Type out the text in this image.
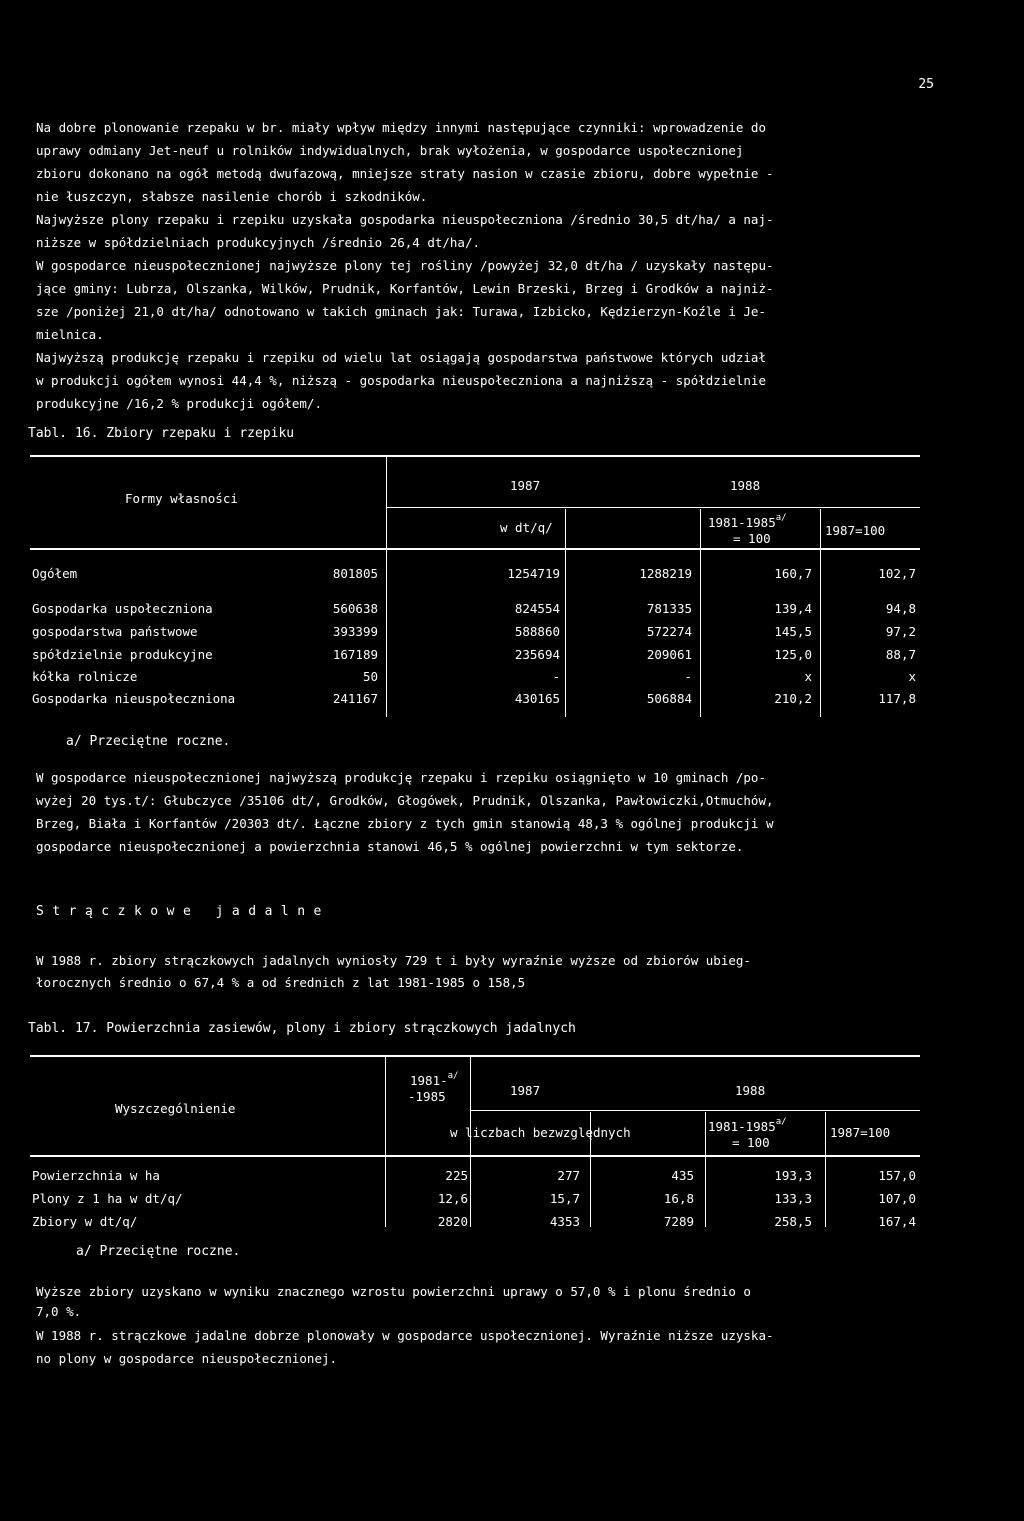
25
Na dobre plonowanie rzepaku w br. miały wpływ między innymi następujące czynniki: wprowadzenie do
uprawy odmiany Jet-neuf u rolników indywidualnych, brak wyłożenia, w gospodarce uspołecznionej
zbioru dokonano na ogół metodą dwufazową, mniejsze straty nasion w czasie zbioru, dobre wypełnie -
nie łuszczyn, słabsze nasilenie chorób i szkodników.
Najwyższe plony rzepaku i rzepiku uzyskała gospodarka nieuspołeczniona /średnio 30,5 dt/ha/ a naj-
niższe w spółdzielniach produkcyjnych /średnio 26,4 dt/ha/.
W gospodarce nieuspołecznionej najwyższe plony tej rośliny /powyżej 32,0 dt/ha / uzyskały następu-
jące gminy: Lubrza, Olszanka, Wilków, Prudnik, Korfantów, Lewin Brzeski, Brzeg i Grodków a najniż-
sze /poniżej 21,0 dt/ha/ odnotowano w takich gminach jak: Turawa, Izbicko, Kędzierzyn-Koźle i Je-
mielnica.
Najwyższą produkcję rzepaku i rzepiku od wielu lat osiągają gospodarstwa państwowe których udział
w produkcji ogółem wynosi 44,4 %, niższą - gospodarka nieuspołeczniona a najniższą - spółdzielnie
produkcyjne /16,2 % produkcji ogółem/.
Tabl. 16. Zbiory rzepaku i rzepiku
Formy własności
1987	1988
w dt/q/	$1981-1985^{a/}$
= 100
1987=100
Ogółem	801805	1254719	1288219	160,7	102,7
Gospodarka uspołeczniona	560638	824554	781335	139,4	94,8
gospodarstwa państwowe	393399	588860	572274	145,5	97,2
spółdzielnie produkcyjne	167189	235694	209061	125,0	88,7
kółka rolnicze	50	-	-	x	x
Gospodarka nieuspołeczniona	241167	430165	506884	210,2	117,8
a/ Przeciętne roczne.
W gospodarce nieuspołecznionej najwyższą produkcję rzepaku i rzepiku osiągnięto w 10 gminach /po-
wyżej 20 tys.t/: Głubczyce /35106 dt/, Grodków, Głogówek, Prudnik, Olszanka, Pawłowiczki,Otmuchów,
Brzeg, Biała i Korfantów /20303 dt/. Łączne zbiory z tych gmin stanowią 48,3 % ogólnej produkcji w
gospodarce nieuspołecznionej a powierzchnia stanowi 46,5 % ogólnej powierzchni w tym sektorze.
Strączkowe jadalne
W 1988 r. zbiory strączkowych jadalnych wyniosły 729 t i były wyraźnie wyższe od zbiorów ubieg-
łorocznych średnio o 67,4 % a od średnich z lat 1981-1985 o 158,5
Tabl. 17. Powierzchnia zasiewów, plony i zbiory strączkowych jadalnych
Wyszczególnienie
1981-$^{a/}$
-1985	1987	1988
w liczbach bezwzględnych	$1981-1985^{a/}$
= 100
1987=100
Powierzchnia w ha	225	277	435	193,3	157,0
Plony z 1 ha w dt/q/	12,6	15,7	16,8	133,3	107,0
Zbiory w dt/q/	2820	4353	7289	258,5	167,4
a/ Przeciętne roczne.
Wyższe zbiory uzyskano w wyniku znacznego wzrostu powierzchni uprawy o 57,0 % i plonu średnio o
7,0 %.
W 1988 r. strączkowe jadalne dobrze plonowały w gospodarce uspołecznionej. Wyraźnie niższe uzyska-
no plony w gospodarce nieuspołecznionej.
